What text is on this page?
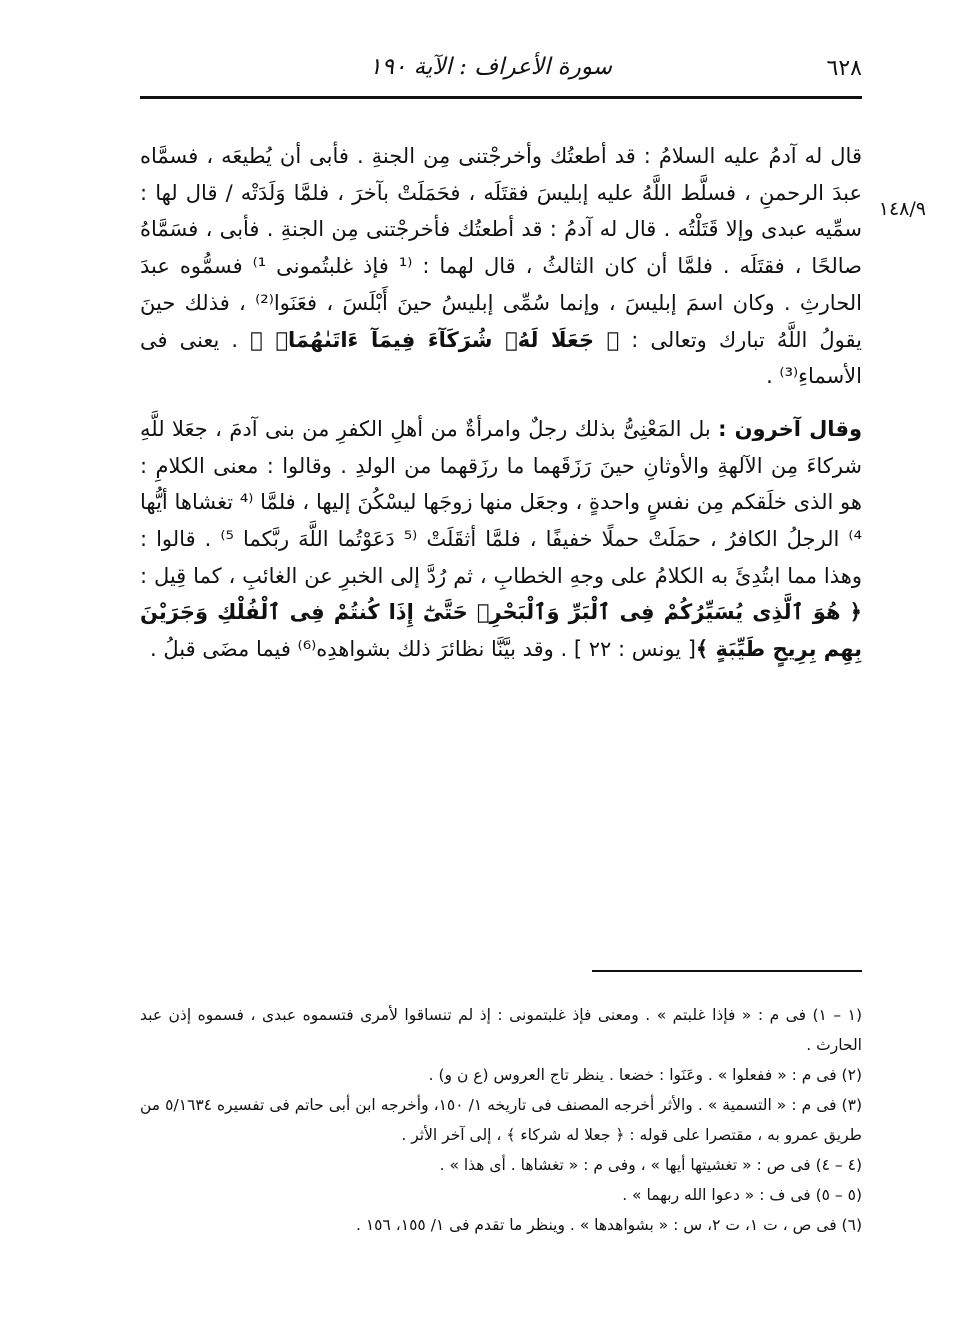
٦٢٨
سورة الأعراف : الآية ١٩٠
١٤٨/٩

قال له آدمُ عليه السلامُ : قد أطعتُك وأخرجْتنى مِن الجنةِ . فأبى أن يُطيعَه ، فسمَّاه عبدَ الرحمنِ ، فسلَّط اللَّهُ عليه إبليسَ فقتَلَه ، فحَمَلَتْ بآخرَ ، فلمَّا وَلَدَتْه / قال لها : سمِّيه عبدى وإلا قَتَلْتُه . قال له آدمُ : قد أطعتُك فأخرجْتنى مِن الجنةِ . فأبى ، فسَمَّاهُ صالحًا ، فقتَلَه . فلمَّا أن كان الثالثُ ، قال لهما : ⁽¹ فإذ غلبتُمونى ¹⁾ فسمُّوه عبدَ الحارثِ . وكان اسمَ إبليسَ ، وإنما سُمِّى إبليسُ حينَ أَبْلَسَ ، فعَنَوا⁽²⁾ ، فذلك حينَ يقولُ اللَّهُ تبارك وتعالى : ﴿ جَعَلَا لَهُۥ شُرَكَآءَ فِيمَآ ءَاتَىٰهُمَاۚ ﴾ . يعنى فى الأسماءِ⁽³⁾ .

وقال آخرون : بل المَعْنِىُّ بذلك رجلٌ وامرأةٌ من أهلِ الكفرِ من بنى آدمَ ، جعَلا للَّهِ شركاءَ مِن الآلهةِ والأوثانِ حينَ رَزَقَهما ما رزَقهما من الولدِ . وقالوا : معنى الكلامِ : هو الذى خلَقكم مِن نفسٍ واحدةٍ ، وجعَل منها زوجَها ليسْكُنَ إليها ، فلمَّا ⁽⁴ تغشاها أيُّها ⁴⁾ الرجلُ الكافرُ ، حمَلَتْ حملًا خفيفًا ، فلمَّا أثقَلَتْ ⁽⁵ دَعَوْتُما اللَّهَ ربَّكما ⁵⁾ . قالوا : وهذا مما ابتُدِئَ به الكلامُ على وجهِ الخطابِ ، ثم رُدَّ إلى الخبرِ عن الغائبِ ، كما قِيل : ﴿ هُوَ ٱلَّذِى يُسَيِّرُكُمْ فِى ٱلْبَرِّ وَٱلْبَحْرِۖ حَتَّىٰٓ إِذَا كُنتُمْ فِى ٱلْفُلْكِ وَجَرَيْنَ بِهِم بِرِيحٍ طَيِّبَةٍ ﴾[ يونس : ٢٢ ] . وقد بيَّنَّا نظائرَ ذلك بشواهدِه⁽⁶⁾ فيما مضَى قبلُ .

(١ – ١) فى م : « فإذا غلبتم » . ومعنى فإذ غلبتمونى : إذ لم تنساقوا لأمرى فتسموه عبدى ، فسموه إذن عبد الحارث .

(٢) فى م : « ففعلوا » . وعَنَوا : خضعا . ينظر تاج العروس (ع ن و) .

(٣) فى م : « التسمية » . والأثر أخرجه المصنف فى تاريخه ١/ ١٥٠، وأخرجه ابن أبى حاتم فى تفسيره ٥/١٦٣٤ من طريق عمرو به ، مقتصرا على قوله : ﴿ جعلا له شركاء ﴾ ، إلى آخر الأثر .

(٤ – ٤) فى ص : « تغشيتها أيها » ، وفى م : « تغشاها . أى هذا » .

(٥ – ٥) فى ف : « دعوا الله ربهما » .

(٦) فى ص ، ت ١، ت ٢، س : « بشواهدها » . وينظر ما تقدم فى ١/ ١٥٥، ١٥٦ .
